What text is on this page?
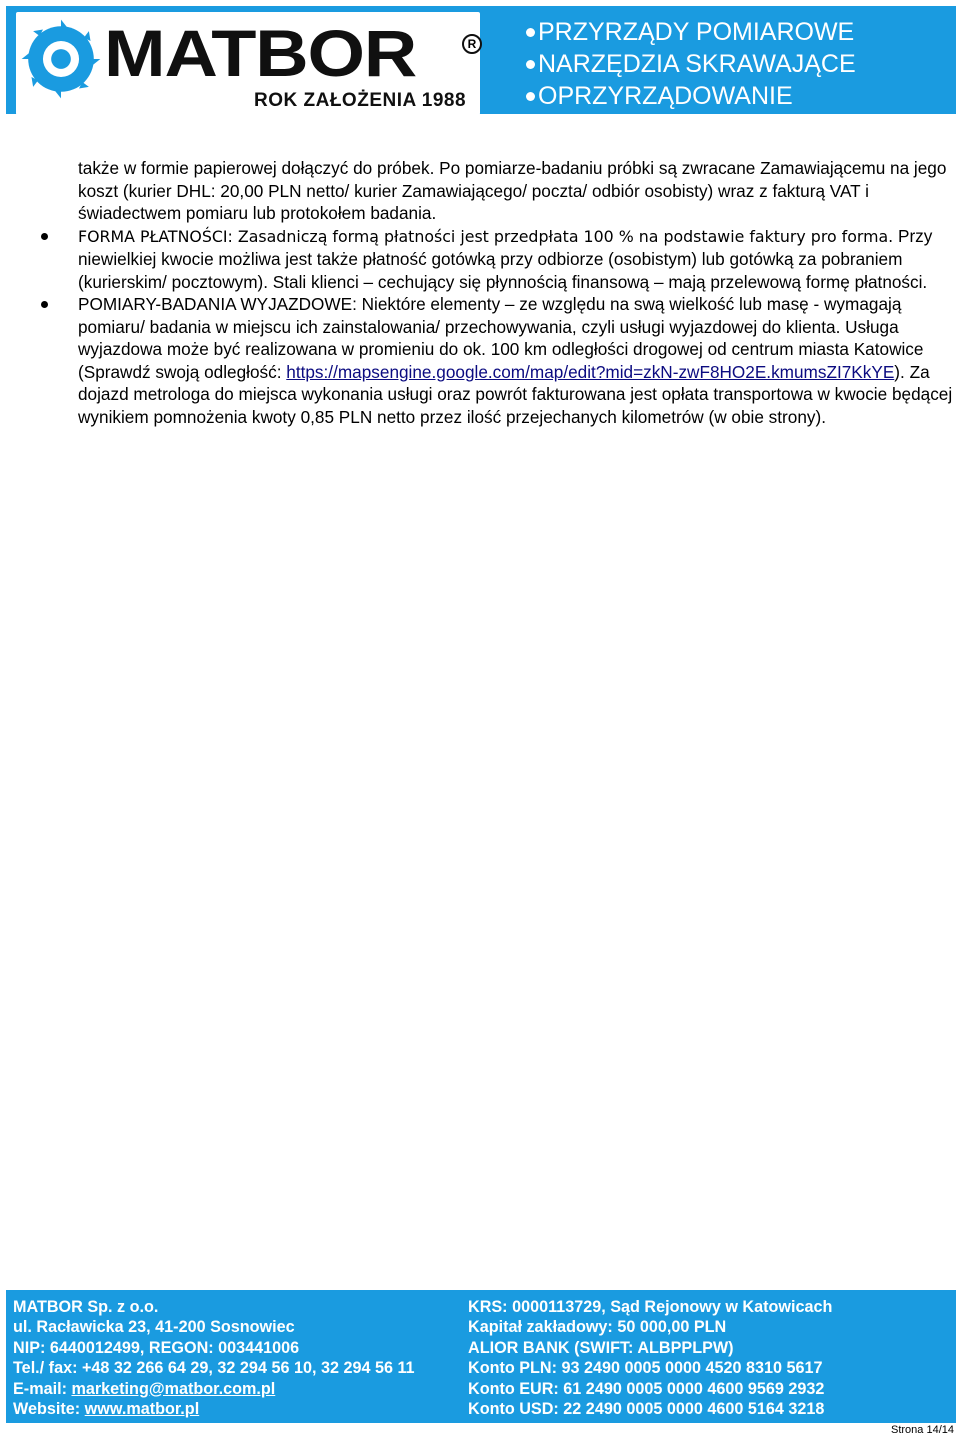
MATBOR	R
ROK ZAŁOŻENIA 1988
PRZYRZĄDY POMIAROWE
NARZĘDZIA SKRAWAJĄCE
OPRZYRZĄDOWANIE

także w formie papierowej dołączyć do próbek. Po pomiarze-badaniu próbki są zwracane Zamawiającemu na jego koszt (kurier DHL: 20,00 PLN netto/ kurier Zamawiającego/ poczta/ odbiór osobisty) wraz z fakturą VAT i świadectwem pomiaru lub protokołem badania.

FORMA PŁATNOŚCI: Zasadniczą formą płatności jest przedpłata 100 % na podstawie faktury pro forma. Przy niewielkiej kwocie możliwa jest także płatność gotówką przy odbiorze (osobistym) lub gotówką za pobraniem (kurierskim/ pocztowym). Stali klienci – cechujący się płynnością finansową – mają przelewową formę płatności.

POMIARY-BADANIA WYJAZDOWE: Niektóre elementy – ze względu na swą wielkość lub masę - wymagają pomiaru/ badania w miejscu ich zainstalowania/ przechowywania, czyli usługi wyjazdowej do klienta. Usługa wyjazdowa może być realizowana w promieniu do ok. 100 km odległości drogowej od centrum miasta Katowice (Sprawdź swoją odległość: https://mapsengine.google.com/map/edit?mid=zkN-zwF8HO2E.kmumsZI7KkYE). Za dojazd metrologa do miejsca wykonania usługi oraz powrót fakturowana jest opłata transportowa w kwocie będącej wynikiem pomnożenia kwoty 0,85 PLN netto przez ilość przejechanych kilometrów (w obie strony).

MATBOR Sp. z o.o.
ul. Racławicka 23, 41-200 Sosnowiec
NIP: 6440012499, REGON: 003441006
Tel./ fax: +48 32 266 64 29, 32 294 56 10, 32 294 56 11
E-mail: marketing@matbor.com.pl
Website: www.matbor.pl
KRS: 0000113729, Sąd Rejonowy w Katowicach
Kapitał zakładowy: 50 000,00 PLN
ALIOR BANK (SWIFT: ALBPPLPW)
Konto PLN: 93 2490 0005 0000 4520 8310 5617
Konto EUR: 61 2490 0005 0000 4600 9569 2932
Konto USD: 22 2490 0005 0000 4600 5164 3218
Strona 14/14
